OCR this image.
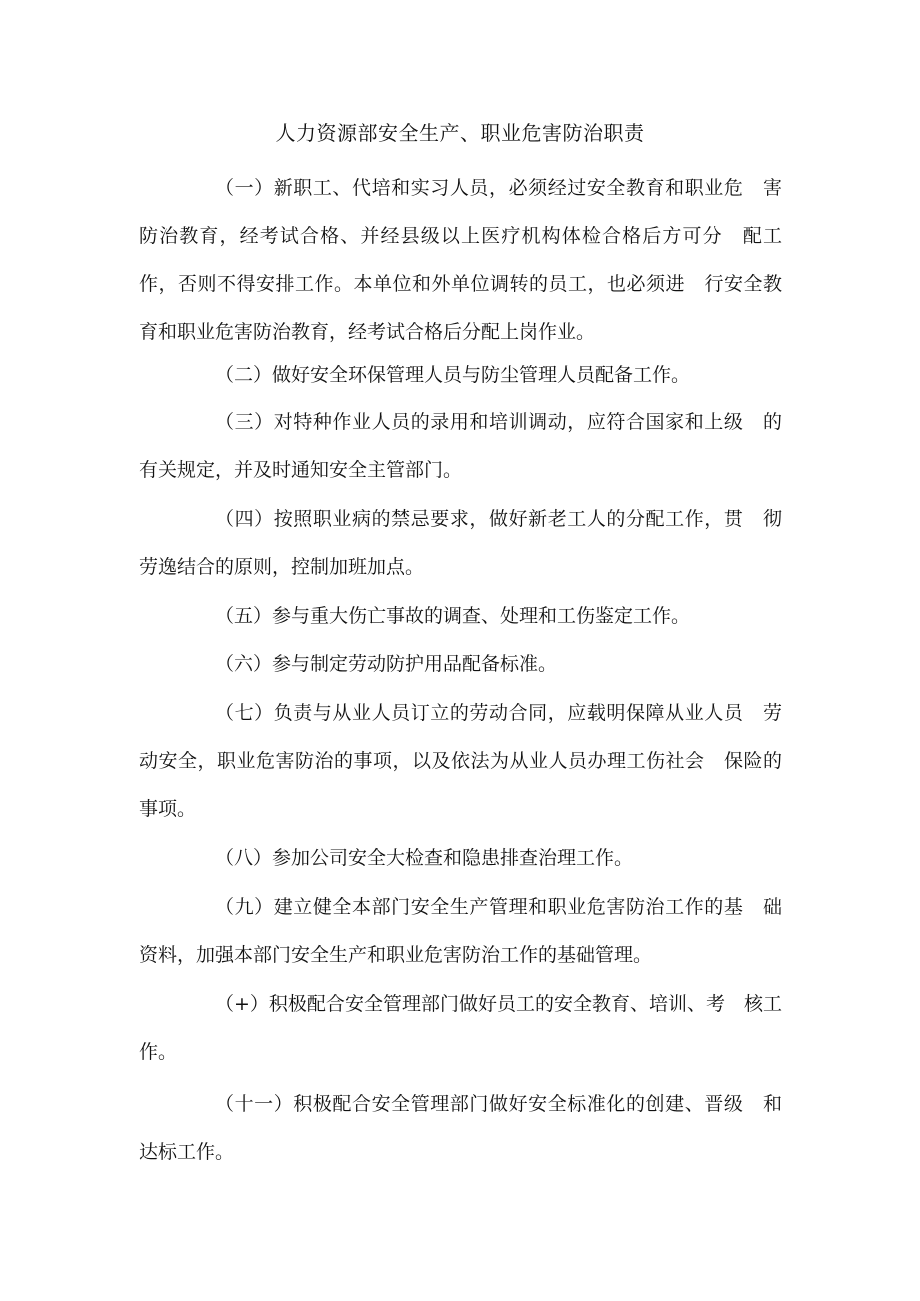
人力资源部安全生产、职业危害防治职责

（一）新职工、代培和实习人员，必须经过安全教育和职业危　害防治教育，经考试合格、并经县级以上医疗机构体检合格后方可分　配工作，否则不得安排工作。本单位和外单位调转的员工，也必须进　行安全教育和职业危害防治教育，经考试合格后分配上岗作业。

（二）做好安全环保管理人员与防尘管理人员配备工作。

（三）对特种作业人员的录用和培训调动，应符合国家和上级　的有关规定，并及时通知安全主管部门。

（四）按照职业病的禁忌要求，做好新老工人的分配工作，贯　彻劳逸结合的原则，控制加班加点。

（五）参与重大伤亡事故的调查、处理和工伤鉴定工作。

（六）参与制定劳动防护用品配备标准。

（七）负责与从业人员订立的劳动合同，应载明保障从业人员　劳动安全，职业危害防治的事项，以及依法为从业人员办理工伤社会　保险的事项。

（八）参加公司安全大检查和隐患排查治理工作。

（九）建立健全本部门安全生产管理和职业危害防治工作的基　础资料，加强本部门安全生产和职业危害防治工作的基础管理。

（+）积极配合安全管理部门做好员工的安全教育、培训、考　核工作。

（十一）积极配合安全管理部门做好安全标准化的创建、晋级　和达标工作。
